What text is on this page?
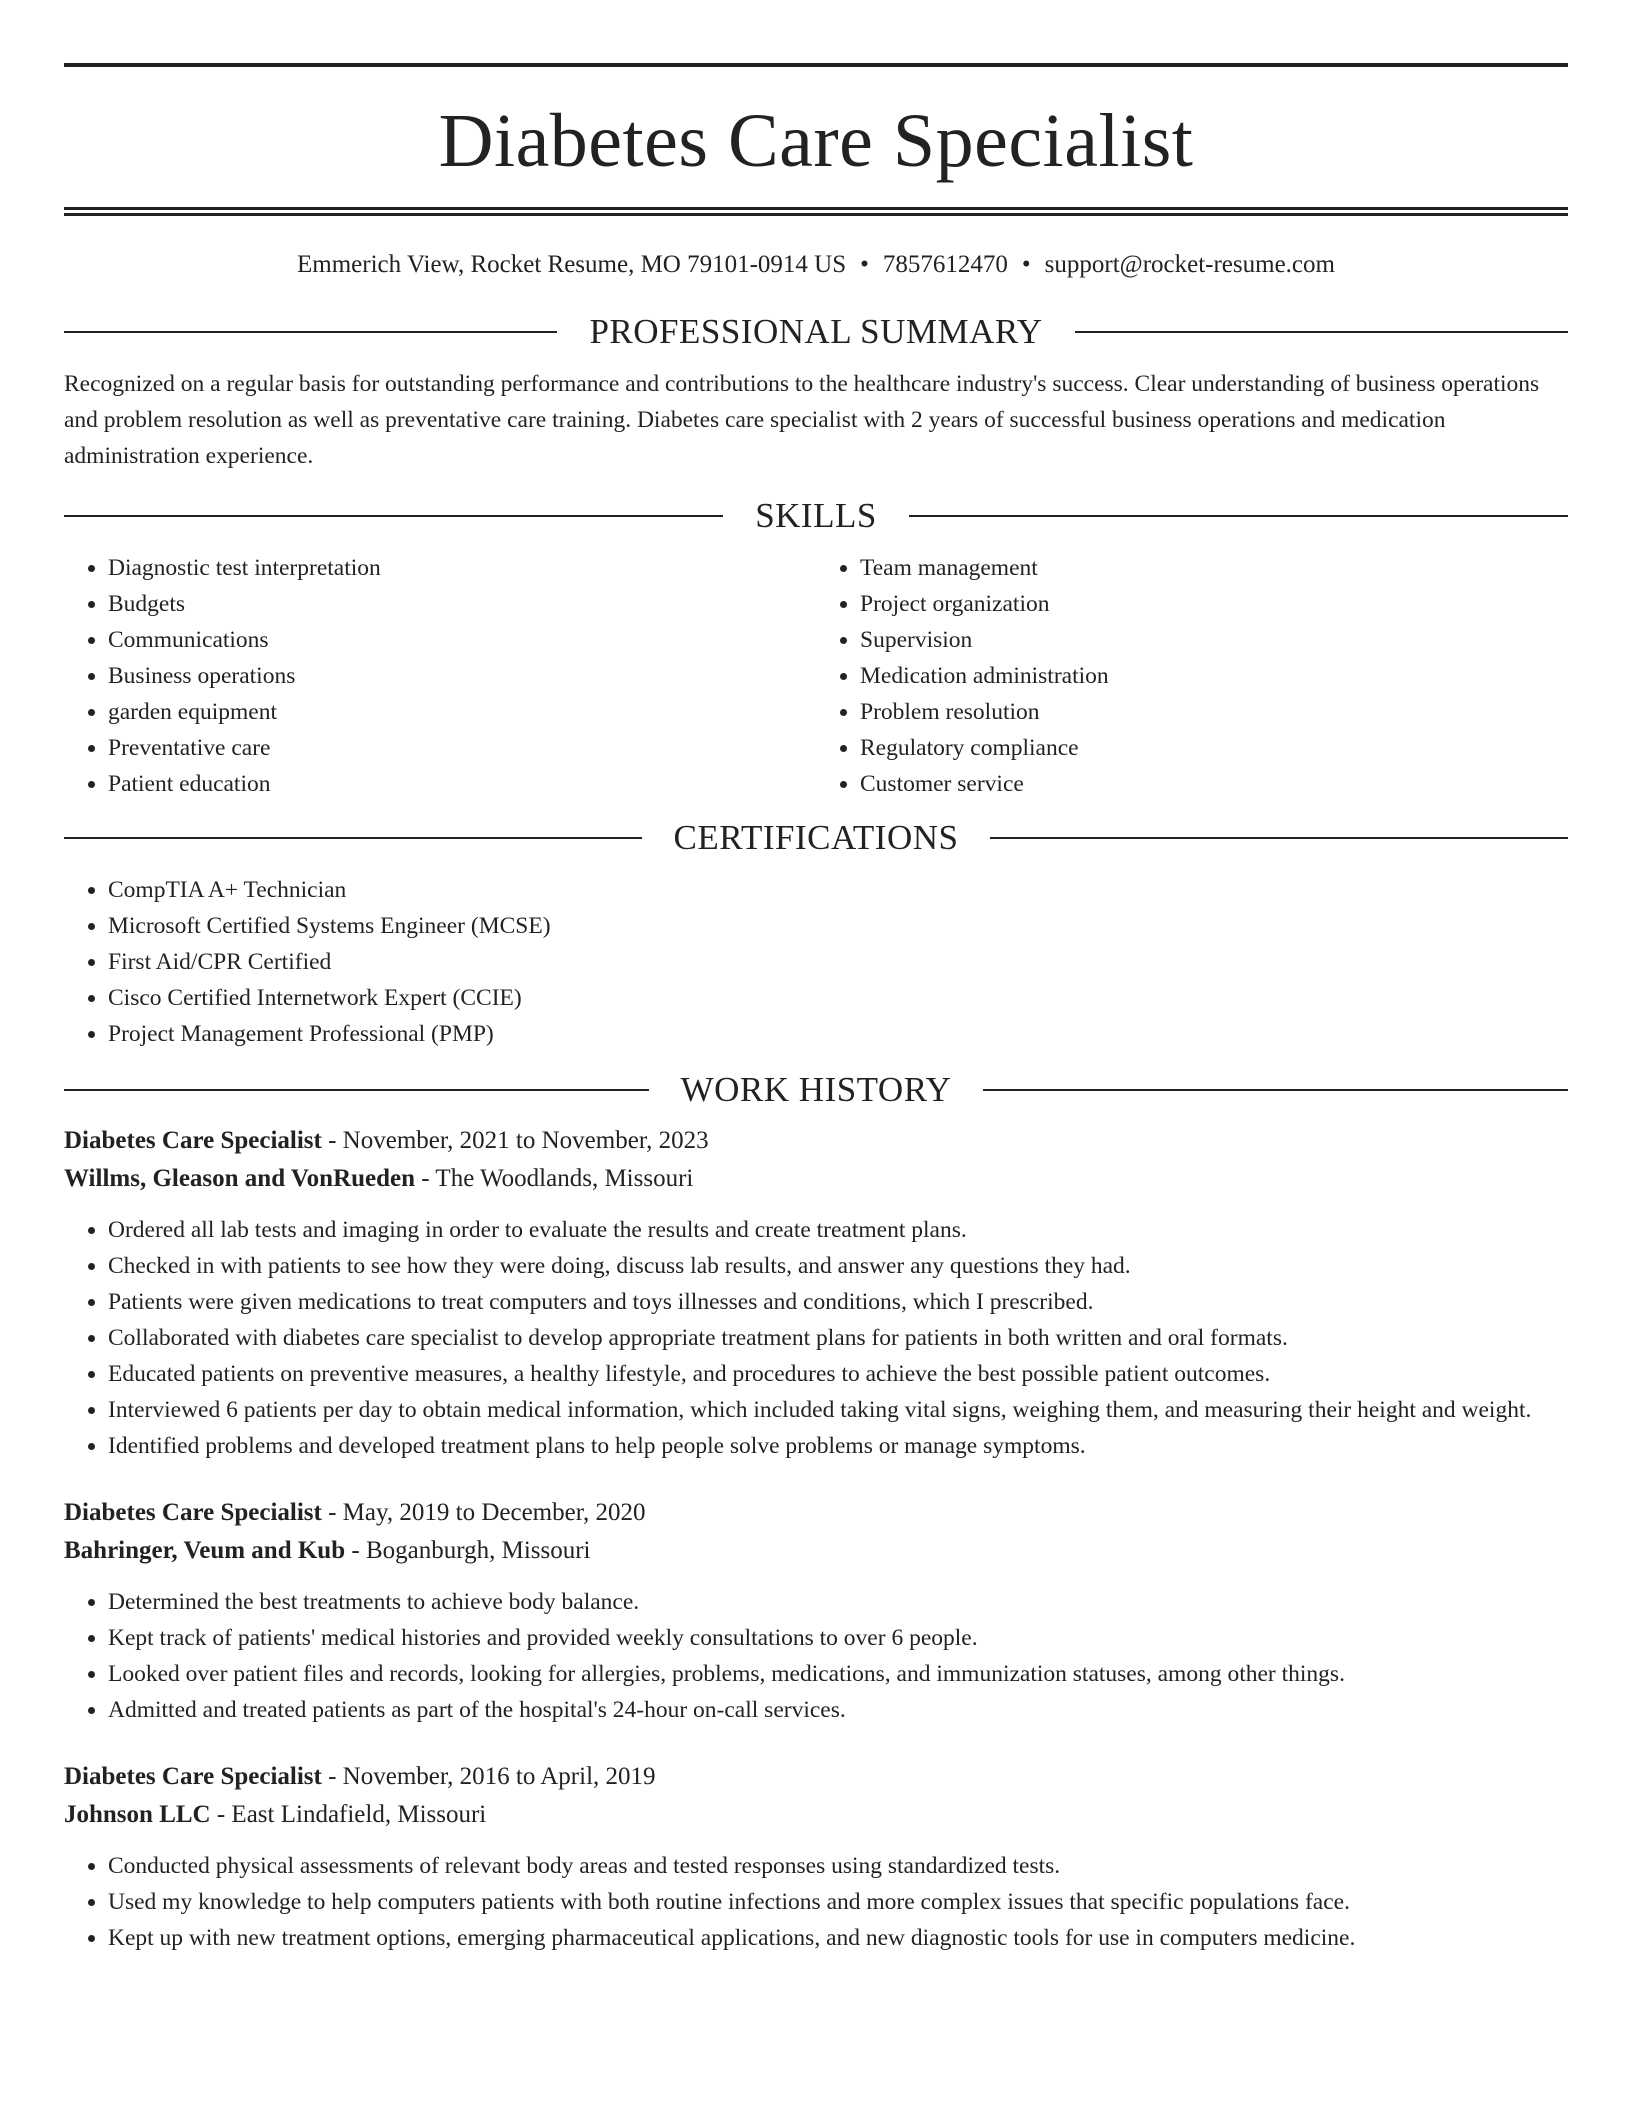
Diabetes Care Specialist
Emmerich View, Rocket Resume, MO 79101-0914 US • 7857612470 • support@rocket-resume.com
PROFESSIONAL SUMMARY
Recognized on a regular basis for outstanding performance and contributions to the healthcare industry's success. Clear understanding of business operations and problem resolution as well as preventative care training. Diabetes care specialist with 2 years of successful business operations and medication administration experience.
SKILLS
• Diagnostic test interpretation
• Budgets
• Communications
• Business operations
• garden equipment
• Preventative care
• Patient education
• Team management
• Project organization
• Supervision
• Medication administration
• Problem resolution
• Regulatory compliance
• Customer service
CERTIFICATIONS
• CompTIA A+ Technician
• Microsoft Certified Systems Engineer (MCSE)
• First Aid/CPR Certified
• Cisco Certified Internetwork Expert (CCIE)
• Project Management Professional (PMP)
WORK HISTORY
Diabetes Care Specialist - November, 2021 to November, 2023
Willms, Gleason and VonRueden - The Woodlands, Missouri
• Ordered all lab tests and imaging in order to evaluate the results and create treatment plans.
• Checked in with patients to see how they were doing, discuss lab results, and answer any questions they had.
• Patients were given medications to treat computers and toys illnesses and conditions, which I prescribed.
• Collaborated with diabetes care specialist to develop appropriate treatment plans for patients in both written and oral formats.
• Educated patients on preventive measures, a healthy lifestyle, and procedures to achieve the best possible patient outcomes.
• Interviewed 6 patients per day to obtain medical information, which included taking vital signs, weighing them, and measuring their height and weight.
• Identified problems and developed treatment plans to help people solve problems or manage symptoms.
Diabetes Care Specialist - May, 2019 to December, 2020
Bahringer, Veum and Kub - Boganburgh, Missouri
• Determined the best treatments to achieve body balance.
• Kept track of patients' medical histories and provided weekly consultations to over 6 people.
• Looked over patient files and records, looking for allergies, problems, medications, and immunization statuses, among other things.
• Admitted and treated patients as part of the hospital's 24-hour on-call services.
Diabetes Care Specialist - November, 2016 to April, 2019
Johnson LLC - East Lindafield, Missouri
• Conducted physical assessments of relevant body areas and tested responses using standardized tests.
• Used my knowledge to help computers patients with both routine infections and more complex issues that specific populations face.
• Kept up with new treatment options, emerging pharmaceutical applications, and new diagnostic tools for use in computers medicine.
